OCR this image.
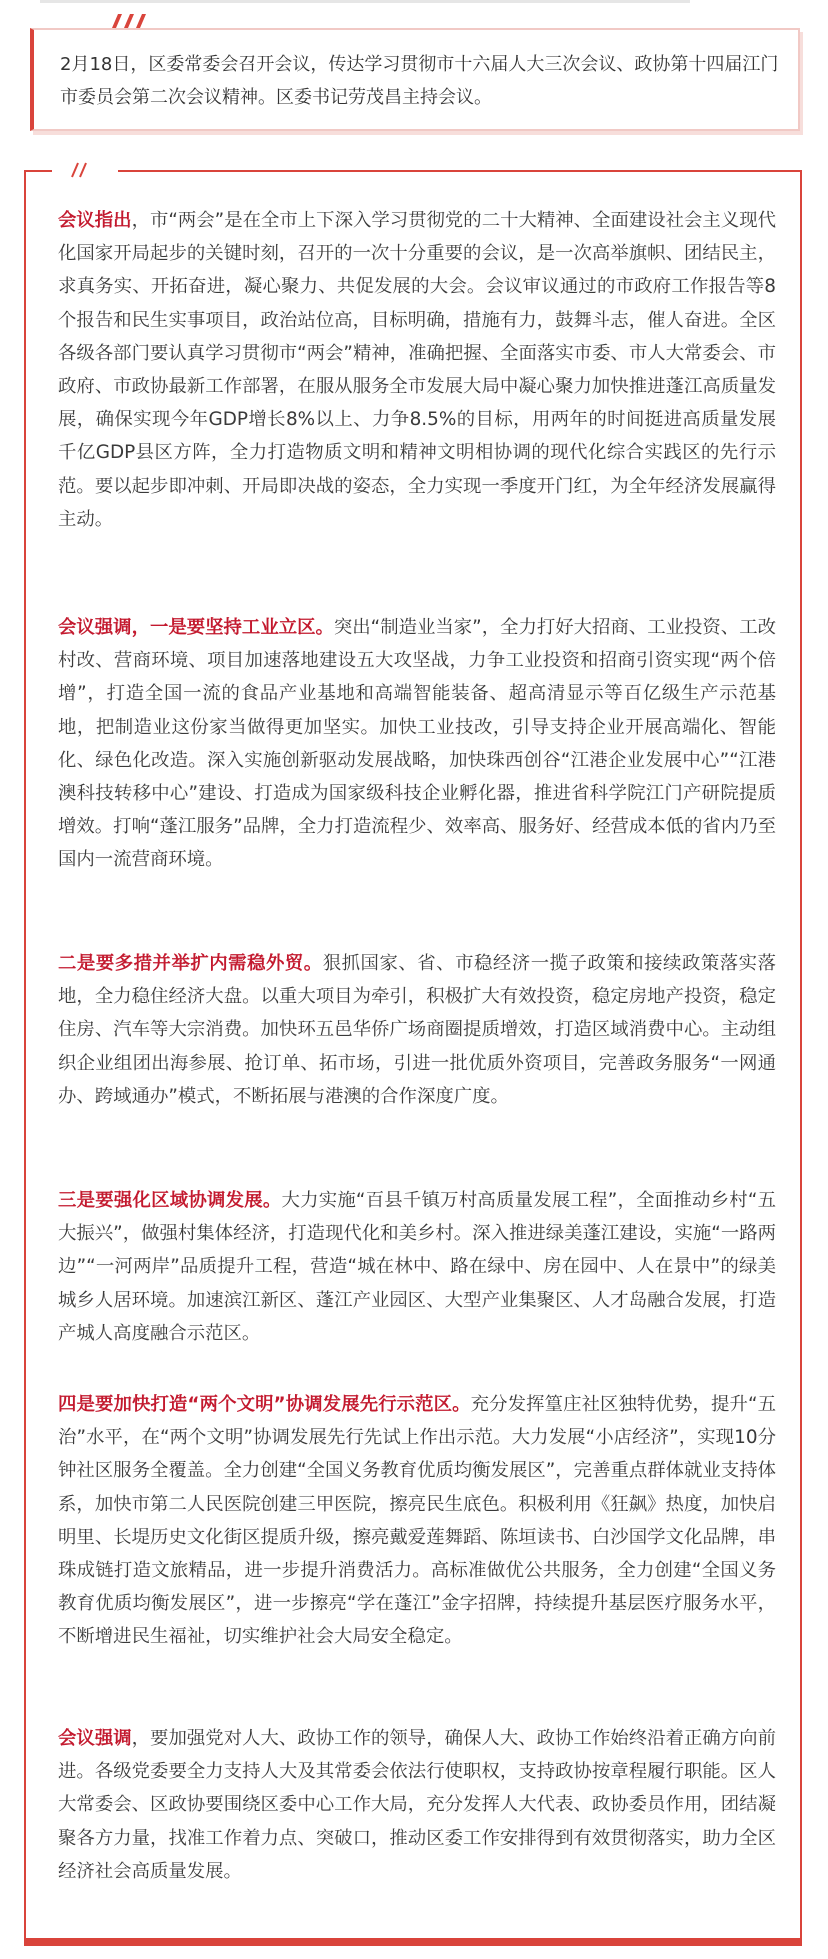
2月18日，区委常委会召开会议，传达学习贯彻市十六届人大三次会议、政协第十四届江门市委员会第二次会议精神。区委书记劳茂昌主持会议。

会议指出，市“两会”是在全市上下深入学习贯彻党的二十大精神、全面建设社会主义现代化国家开局起步的关键时刻，召开的一次十分重要的会议，是一次高举旗帜、团结民主，求真务实、开拓奋进，凝心聚力、共促发展的大会。会议审议通过的市政府工作报告等8个报告和民生实事项目，政治站位高，目标明确，措施有力，鼓舞斗志，催人奋进。全区各级各部门要认真学习贯彻市“两会”精神，准确把握、全面落实市委、市人大常委会、市政府、市政协最新工作部署，在服从服务全市发展大局中凝心聚力加快推进蓬江高质量发展，确保实现今年GDP增长8%以上、力争8.5%的目标，用两年的时间挺进高质量发展千亿GDP县区方阵，全力打造物质文明和精神文明相协调的现代化综合实践区的先行示范。要以起步即冲刺、开局即决战的姿态，全力实现一季度开门红，为全年经济发展赢得主动。

会议强调，一是要坚持工业立区。突出“制造业当家”，全力打好大招商、工业投资、工改村改、营商环境、项目加速落地建设五大攻坚战，力争工业投资和招商引资实现“两个倍增”，打造全国一流的食品产业基地和高端智能装备、超高清显示等百亿级生产示范基地，把制造业这份家当做得更加坚实。加快工业技改，引导支持企业开展高端化、智能化、绿色化改造。深入实施创新驱动发展战略，加快珠西创谷“江港企业发展中心”“江港澳科技转移中心”建设、打造成为国家级科技企业孵化器，推进省科学院江门产研院提质增效。打响“蓬江服务”品牌，全力打造流程少、效率高、服务好、经营成本低的省内乃至国内一流营商环境。

二是要多措并举扩内需稳外贸。狠抓国家、省、市稳经济一揽子政策和接续政策落实落地，全力稳住经济大盘。以重大项目为牵引，积极扩大有效投资，稳定房地产投资，稳定住房、汽车等大宗消费。加快环五邑华侨广场商圈提质增效，打造区域消费中心。主动组织企业组团出海参展、抢订单、拓市场，引进一批优质外资项目，完善政务服务“一网通办、跨域通办”模式，不断拓展与港澳的合作深度广度。

三是要强化区域协调发展。大力实施“百县千镇万村高质量发展工程”，全面推动乡村“五大振兴”，做强村集体经济，打造现代化和美乡村。深入推进绿美蓬江建设，实施“一路两边”“一河两岸”品质提升工程，营造“城在林中、路在绿中、房在园中、人在景中”的绿美城乡人居环境。加速滨江新区、蓬江产业园区、大型产业集聚区、人才岛融合发展，打造产城人高度融合示范区。

四是要加快打造“两个文明”协调发展先行示范区。充分发挥篁庄社区独特优势，提升“五治”水平，在“两个文明”协调发展先行先试上作出示范。大力发展“小店经济”，实现10分钟社区服务全覆盖。全力创建“全国义务教育优质均衡发展区”，完善重点群体就业支持体系，加快市第二人民医院创建三甲医院，擦亮民生底色。积极利用《狂飙》热度，加快启明里、长堤历史文化街区提质升级，擦亮戴爱莲舞蹈、陈垣读书、白沙国学文化品牌，串珠成链打造文旅精品，进一步提升消费活力。高标准做优公共服务，全力创建“全国义务教育优质均衡发展区”，进一步擦亮“学在蓬江”金字招牌，持续提升基层医疗服务水平，不断增进民生福祉，切实维护社会大局安全稳定。

会议强调，要加强党对人大、政协工作的领导，确保人大、政协工作始终沿着正确方向前进。各级党委要全力支持人大及其常委会依法行使职权，支持政协按章程履行职能。区人大常委会、区政协要围绕区委中心工作大局，充分发挥人大代表、政协委员作用，团结凝聚各方力量，找准工作着力点、突破口，推动区委工作安排得到有效贯彻落实，助力全区经济社会高质量发展。
